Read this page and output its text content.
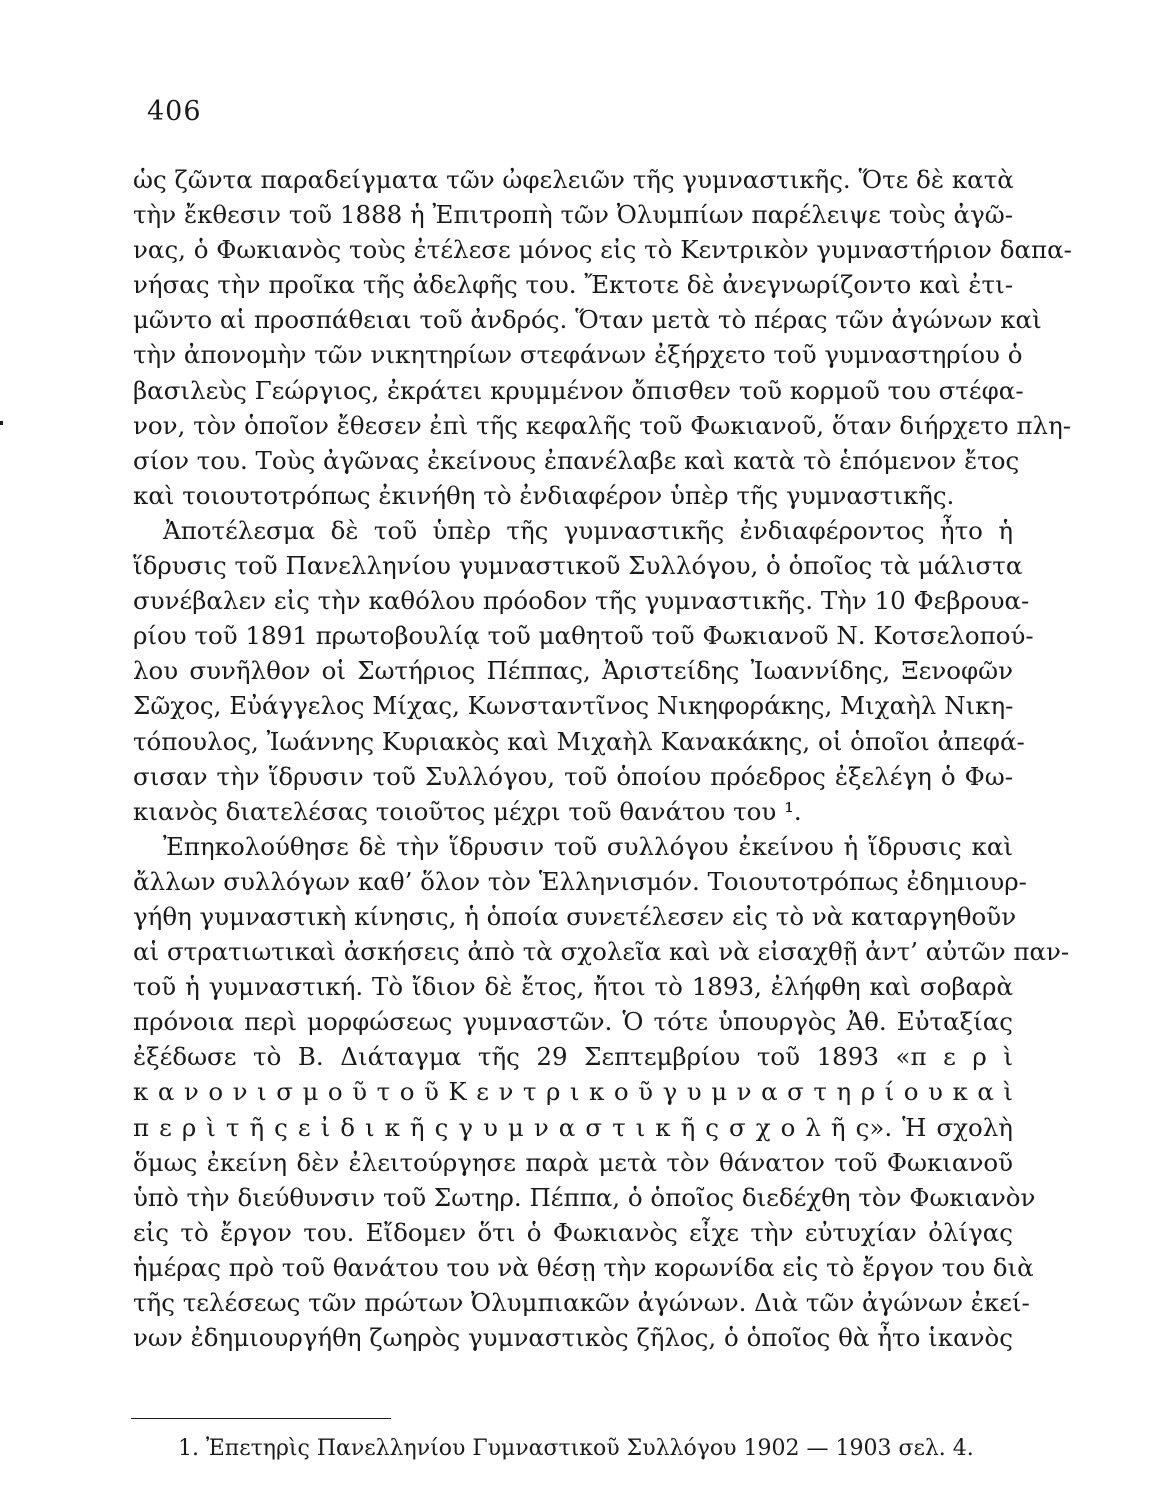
406
ὡς ζῶντα παραδείγματα τῶν ὠφελειῶν τῆς γυμναστικῆς. Ὅτε δὲ κατὰ
τὴν ἔκθεσιν τοῦ 1888 ἡ Ἐπιτροπὴ τῶν Ὀλυμπίων παρέλειψε τοὺς ἀγῶ-
νας, ὁ Φωκιανὸς τοὺς ἐτέλεσε μόνος εἰς τὸ Κεντρικὸν γυμναστήριον δαπα-
νήσας τὴν προῖκα τῆς ἀδελφῆς του. Ἔκτοτε δὲ ἀνεγνωρίζοντο καὶ ἐτι-
μῶντο αἱ προσπάθειαι τοῦ ἀνδρός. Ὅταν μετὰ τὸ πέρας τῶν ἀγώνων καὶ
τὴν ἀπονομὴν τῶν νικητηρίων στεφάνων ἐξήρχετο τοῦ γυμναστηρίου ὁ
βασιλεὺς Γεώργιος, ἐκράτει κρυμμένον ὄπισθεν τοῦ κορμοῦ του στέφα-
νον, τὸν ὁποῖον ἔθεσεν ἐπὶ τῆς κεφαλῆς τοῦ Φωκιανοῦ, ὅταν διήρχετο πλη-
σίον του. Τοὺς ἀγῶνας ἐκείνους ἐπανέλαβε καὶ κατὰ τὸ ἑπόμενον ἔτος
καὶ τοιουτοτρόπως ἐκινήθη τὸ ἐνδιαφέρον ὑπὲρ τῆς γυμναστικῆς.
Ἀποτέλεσμα δὲ τοῦ ὑπὲρ τῆς γυμναστικῆς ἐνδιαφέροντος ἦτο ἡ
ἵδρυσις τοῦ Πανελληνίου γυμναστικοῦ Συλλόγου, ὁ ὁποῖος τὰ μάλιστα
συνέβαλεν εἰς τὴν καθόλου πρόοδον τῆς γυμναστικῆς. Τὴν 10 Φεβρουα-
ρίου τοῦ 1891 πρωτοβουλίᾳ τοῦ μαθητοῦ τοῦ Φωκιανοῦ Ν. Κοτσελοπού-
λου συνῆλθον οἱ Σωτήριος Πέππας, Ἀριστείδης Ἰωαννίδης, Ξενοφῶν
Σῶχος, Εὐάγγελος Μίχας, Κωνσταντῖνος Νικηφοράκης, Μιχαὴλ Νικη-
τόπουλος, Ἰωάννης Κυριακὸς καὶ Μιχαὴλ Κανακάκης, οἱ ὁποῖοι ἀπεφά-
σισαν τὴν ἵδρυσιν τοῦ Συλλόγου, τοῦ ὁποίου πρόεδρος ἐξελέγη ὁ Φω-
κιανὸς διατελέσας τοιοῦτος μέχρι τοῦ θανάτου του ¹.
Ἐπηκολούθησε δὲ τὴν ἵδρυσιν τοῦ συλλόγου ἐκείνου ἡ ἵδρυσις καὶ
ἄλλων συλλόγων καθ’ ὅλον τὸν Ἑλληνισμόν. Τοιουτοτρόπως ἐδημιουρ-
γήθη γυμναστικὴ κίνησις, ἡ ὁποία συνετέλεσεν εἰς τὸ νὰ καταργηθοῦν
αἱ στρατιωτικαὶ ἀσκήσεις ἀπὸ τὰ σχολεῖα καὶ νὰ εἰσαχθῇ ἀντ’ αὐτῶν παν-
τοῦ ἡ γυμναστική. Τὸ ἴδιον δὲ ἔτος, ἤτοι τὸ 1893, ἐλήφθη καὶ σοβαρὰ
πρόνοια περὶ μορφώσεως γυμναστῶν. Ὁ τότε ὑπουργὸς Ἀθ. Εὐταξίας
ἐξέδωσε τὸ Β. Διάταγμα τῆς 29 Σεπτεμβρίου τοῦ 1893 «π ε ρ ὶ
κ α ν ο ν ι σ μ ο ῦ τ ο ῦ Κ ε ν τ ρ ι κ ο ῦ γ υ μ ν α σ τ η ρ ί ο υ κ α ὶ
π ε ρ ὶ τ ῆ ς ε ἰ δ ι κ ῆ ς γ υ μ ν α σ τ ι κ ῆ ς σ χ ο λ ῆ ς». Ἡ σχολὴ
ὅμως ἐκείνη δὲν ἐλειτούργησε παρὰ μετὰ τὸν θάνατον τοῦ Φωκιανοῦ
ὑπὸ τὴν διεύθυνσιν τοῦ Σωτηρ. Πέππα, ὁ ὁποῖος διεδέχθη τὸν Φωκιανὸν
εἰς τὸ ἔργον του. Εἴδομεν ὅτι ὁ Φωκιανὸς εἶχε τὴν εὐτυχίαν ὀλίγας
ἡμέρας πρὸ τοῦ θανάτου του νὰ θέσῃ τὴν κορωνίδα εἰς τὸ ἔργον του διὰ
τῆς τελέσεως τῶν πρώτων Ὀλυμπιακῶν ἀγώνων. Διὰ τῶν ἀγώνων ἐκεί-
νων ἐδημιουργήθη ζωηρὸς γυμναστικὸς ζῆλος, ὁ ὁποῖος θὰ ἦτο ἱκανὸς
1. Ἐπετηρὶς Πανελληνίου Γυμναστικοῦ Συλλόγου 1902 — 1903 σελ. 4.
